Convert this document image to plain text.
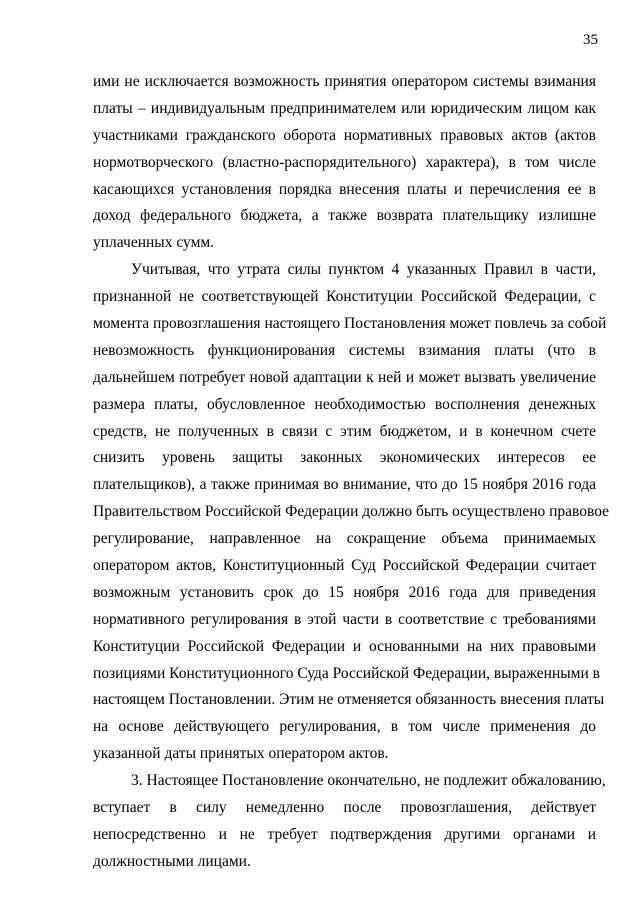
35
ими не исключается возможность принятия оператором системы взимания
платы – индивидуальным предпринимателем или юридическим лицом как
участниками гражданского оборота нормативных правовых актов (актов
нормотворческого (властно-распорядительного) характера), в том числе
касающихся установления порядка внесения платы и перечисления ее в
доход федерального бюджета, а также возврата плательщику излишне
уплаченных сумм.
Учитывая, что утрата силы пунктом 4 указанных Правил в части,
признанной не соответствующей Конституции Российской Федерации, с
момента провозглашения настоящего Постановления может повлечь за собой
невозможность функционирования системы взимания платы (что в
дальнейшем потребует новой адаптации к ней и может вызвать увеличение
размера платы, обусловленное необходимостью восполнения денежных
средств, не полученных в связи с этим бюджетом, и в конечном счете
снизить уровень защиты законных экономических интересов ее
плательщиков), а также принимая во внимание, что до 15 ноября 2016 года
Правительством Российской Федерации должно быть осуществлено правовое
регулирование, направленное на сокращение объема принимаемых
оператором актов, Конституционный Суд Российской Федерации считает
возможным установить срок до 15 ноября 2016 года для приведения
нормативного регулирования в этой части в соответствие с требованиями
Конституции Российской Федерации и основанными на них правовыми
позициями Конституционного Суда Российской Федерации, выраженными в
настоящем Постановлении. Этим не отменяется обязанность внесения платы
на основе действующего регулирования, в том числе применения до
указанной даты принятых оператором актов.
3. Настоящее Постановление окончательно, не подлежит обжалованию,
вступает в силу немедленно после провозглашения, действует
непосредственно и не требует подтверждения другими органами и
должностными лицами.
